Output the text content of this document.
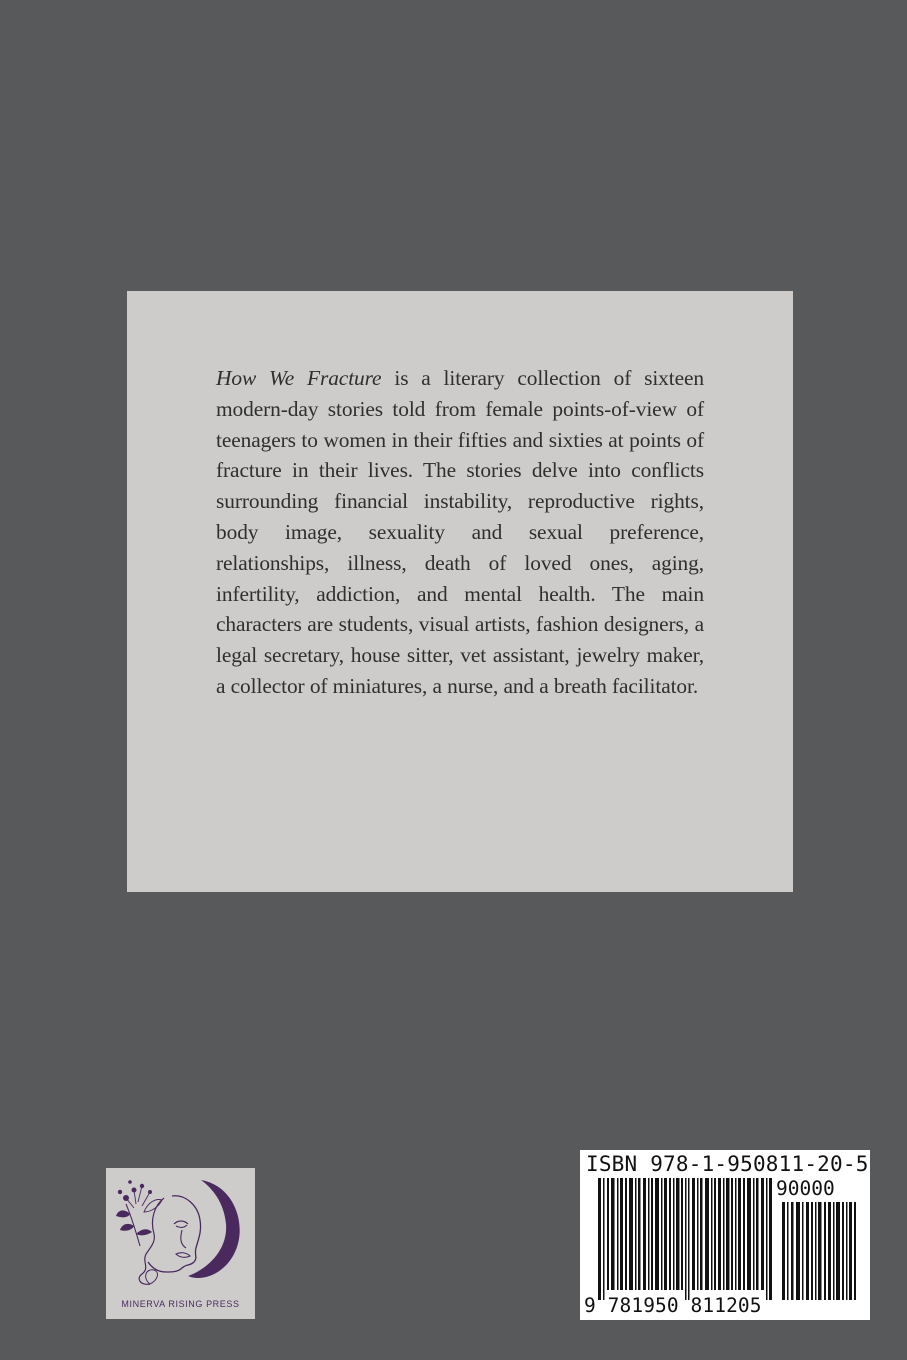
How We Fracture is a literary collection of sixteen modern-day stories told from female points-of-view of teenagers to women in their fifties and sixties at points of fracture in their lives. The stories delve into conflicts surrounding financial instability, reproductive rights, body image, sexuality and sexual preference, relationships, illness, death of loved ones, aging, infertility, addiction, and mental health. The main characters are students, visual artists, fashion designers, a legal secretary, house sitter, vet assistant, jewelry maker, a collector of miniatures, a nurse, and a breath facilitator.

MINERVA RISING PRESS
ISBN 978-1-950811-20-5
90000
9 781950 811205
